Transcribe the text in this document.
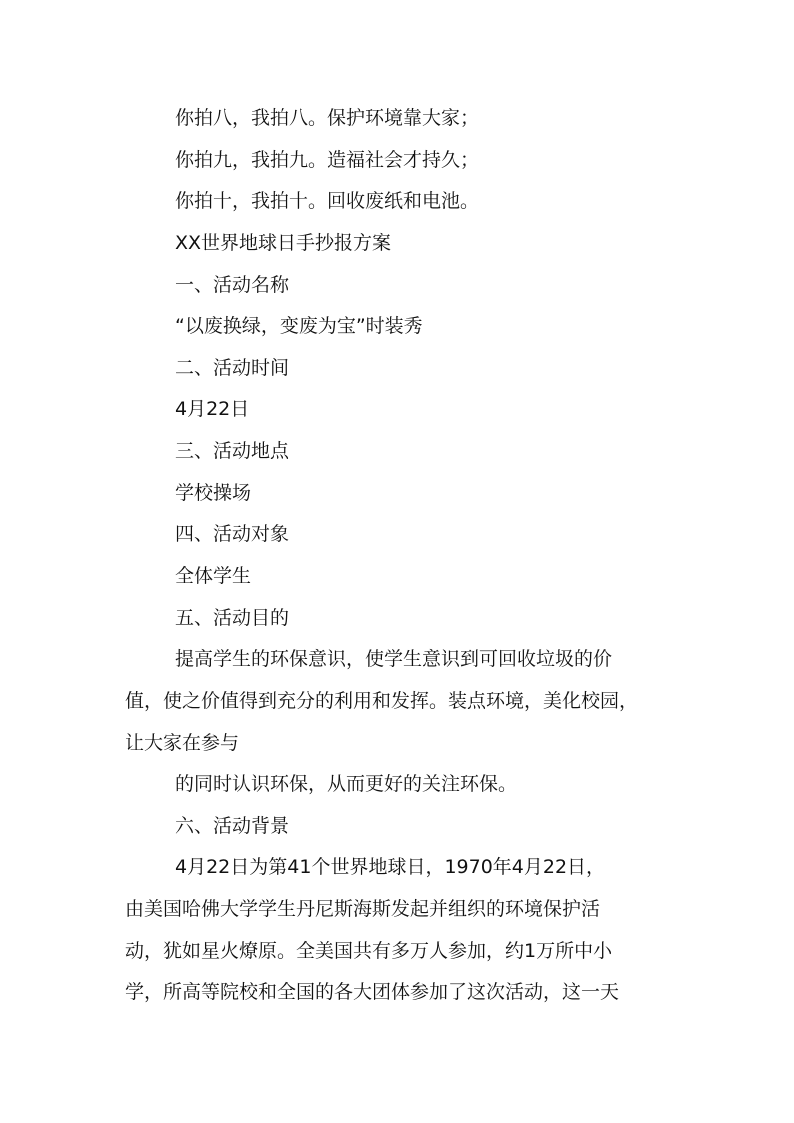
你拍八，我拍八。保护环境靠大家；
你拍九，我拍九。造福社会才持久；
你拍十，我拍十。回收废纸和电池。
XX世界地球日手抄报方案
一、活动名称
“以废换绿，变废为宝”时装秀
二、活动时间
4月22日
三、活动地点
学校操场
四、活动对象
全体学生
五、活动目的
提高学生的环保意识，使学生意识到可回收垃圾的价
值，使之价值得到充分的利用和发挥。装点环境，美化校园，
让大家在参与
的同时认识环保，从而更好的关注环保。
六、活动背景
4月22日为第41个世界地球日，1970年4月22日，
由美国哈佛大学学生丹尼斯海斯发起并组织的环境保护活
动，犹如星火燎原。全美国共有多万人参加，约1万所中小
学，所高等院校和全国的各大团体参加了这次活动，这一天
